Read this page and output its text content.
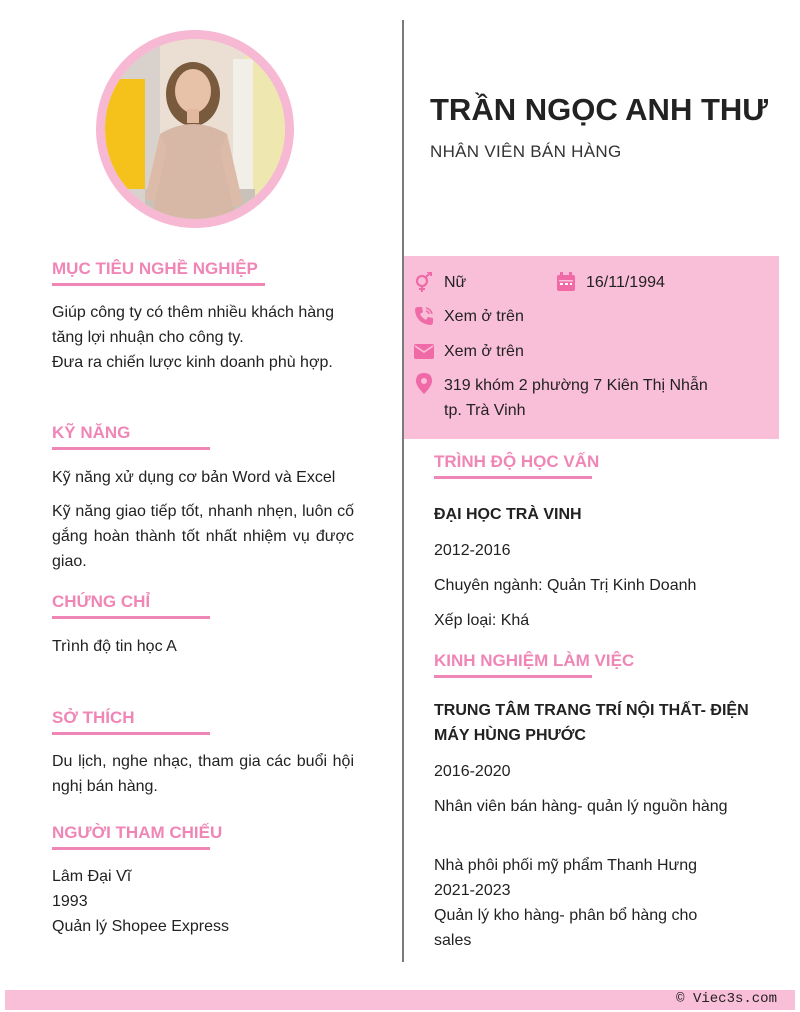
MỤC TIÊU NGHỀ NGHIỆP

Giúp công ty có thêm nhiều khách hàng

tăng lợi nhuận cho công ty.

Đưa ra chiến lược kinh doanh phù hợp.

KỸ NĂNG

Kỹ năng xử dụng cơ bản Word và Excel

Kỹ năng giao tiếp tốt, nhanh nhẹn, luôn cố gắng hoàn thành tốt nhất nhiệm vụ được giao.

CHỨNG CHỈ

Trình độ tin học A

SỞ THÍCH

Du lịch, nghe nhạc, tham gia các buổi hội nghị bán hàng.

NGƯỜI THAM CHIẾU

Lâm Đại Vĩ

1993

Quản lý Shopee Express

TRẦN NGỌC ANH THƯ

NHÂN VIÊN BÁN HÀNG

Nữ	16/11/1994

Xem ở trên

Xem ở trên

319 khóm 2 phường 7 Kiên Thị Nhẫn

tp. Trà Vinh

TRÌNH ĐỘ HỌC VẤN

ĐẠI HỌC TRÀ VINH

2012-2016

Chuyên ngành: Quản Trị Kinh Doanh

Xếp loại: Khá

KINH NGHIỆM LÀM VIỆC

TRUNG TÂM TRANG TRÍ NỘI THẤT- ĐIỆN MÁY HÙNG PHƯỚC

2016-2020

Nhân viên bán hàng- quản lý nguồn hàng

Nhà phôi phối mỹ phẩm Thanh Hưng

2021-2023

Quản lý kho hàng- phân bổ hàng cho sales

© Viec3s.com
